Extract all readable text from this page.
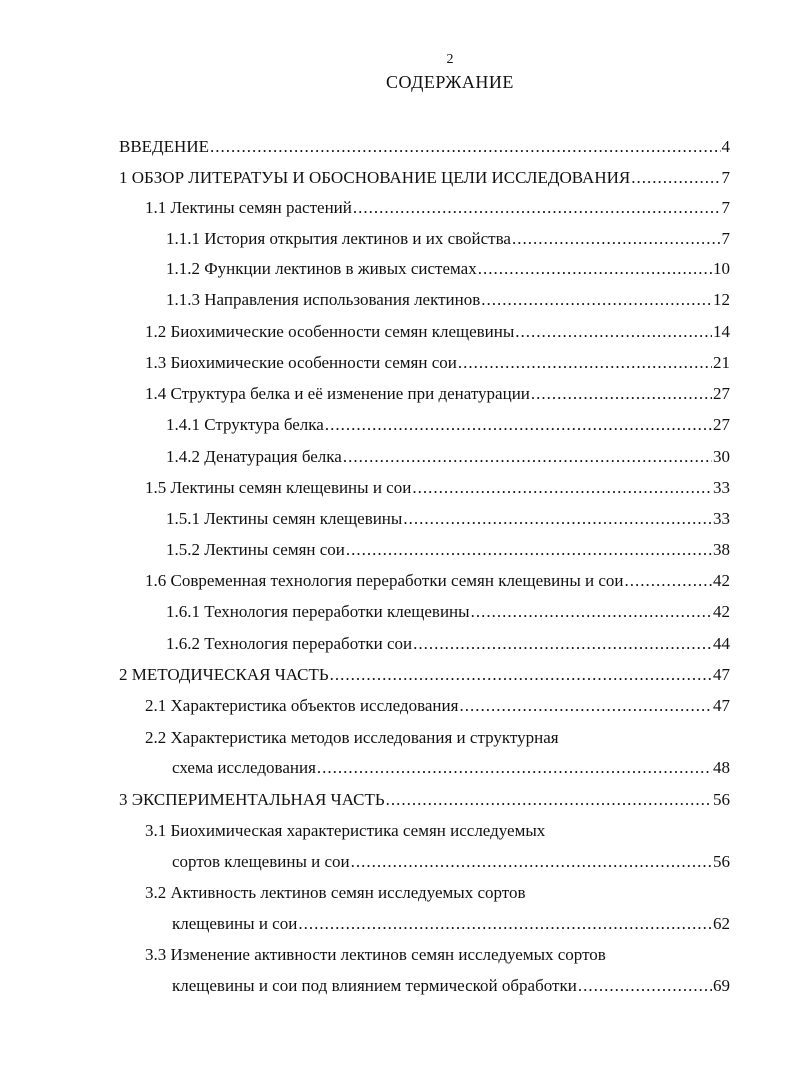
2
СОДЕРЖАНИЕ
ВВЕДЕНИЕ .....	4
1 ОБЗОР ЛИТЕРАТУЫ И ОБОСНОВАНИЕ ЦЕЛИ ИССЛЕДОВАНИЯ .....	7
1.1 Лектины семян растений .....	7
1.1.1 История открытия лектинов и их свойства .....	7
1.1.2 Функции лектинов в живых системах .....	10
1.1.3 Направления использования лектинов .....	12
1.2 Биохимические особенности семян клещевины .....	14
1.3 Биохимические особенности семян сои .....	21
1.4 Структура белка и её изменение при денатурации .....	27
1.4.1 Структура белка .....	27
1.4.2 Денатурация белка .....	30
1.5 Лектины семян клещевины и сои .....	33
1.5.1 Лектины семян клещевины .....	33
1.5.2 Лектины семян сои .....	38
1.6 Современная технология переработки семян клещевины и сои .....	42
1.6.1 Технология переработки клещевины .....	42
1.6.2 Технология переработки сои .....	44
2 МЕТОДИЧЕСКАЯ ЧАСТЬ .....	47
2.1 Характеристика объектов исследования .....	47
2.2 Характеристика методов исследования и структурная
схема исследования .....	48
3 ЭКСПЕРИМЕНТАЛЬНАЯ ЧАСТЬ .....	56
3.1 Биохимическая характеристика семян исследуемых
сортов клещевины и сои .....	56
3.2 Активность лектинов семян исследуемых сортов
клещевины и сои .....	62
3.3 Изменение активности лектинов семян исследуемых сортов
клещевины и сои под влиянием термической обработки .....	69
